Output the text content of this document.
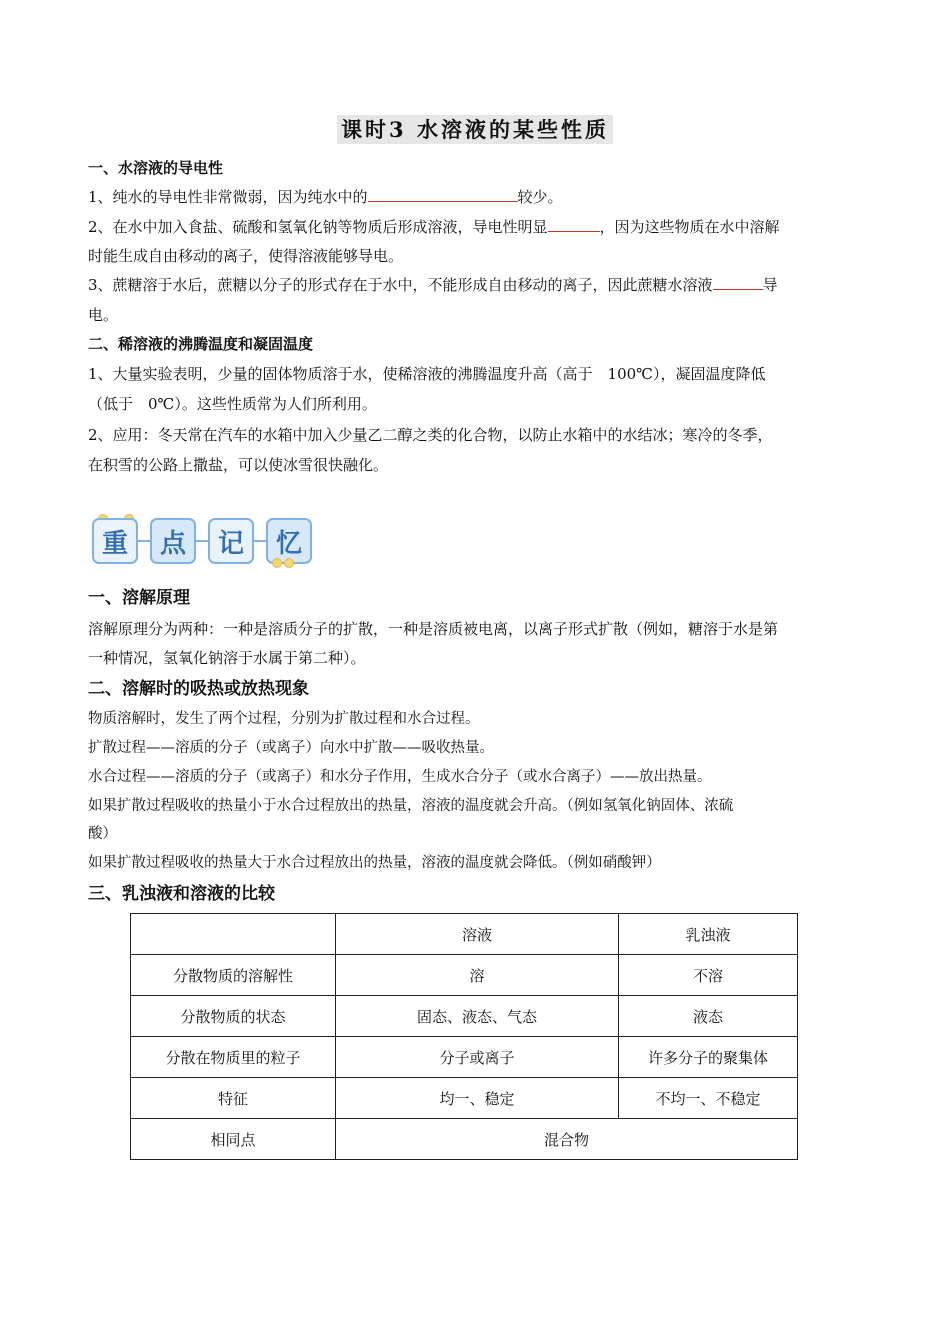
课时3 水溶液的某些性质
一、水溶液的导电性
1、纯水的导电性非常微弱，因为纯水中的	较少。
2、在水中加入食盐、硫酸和氢氧化钠等物质后形成溶液，导电性明显	，因为这些物质在水中溶解
时能生成自由移动的离子，使得溶液能够导电。
3、蔗糖溶于水后，蔗糖以分子的形式存在于水中，不能形成自由移动的离子，因此蔗糖水溶液	导
电。
二、稀溶液的沸腾温度和凝固温度
1、大量实验表明，少量的固体物质溶于水，使稀溶液的沸腾温度升高（高于　100℃），凝固温度降低
（低于　0℃）。这些性质常为人们所利用。
2、应用：冬天常在汽车的水箱中加入少量乙二醇之类的化合物，以防止水箱中的水结冰；寒冷的冬季，
在积雪的公路上撒盐，可以使冰雪很快融化。
重	点	记	忆
一、溶解原理
溶解原理分为两种：一种是溶质分子的扩散，一种是溶质被电离，以离子形式扩散（例如，糖溶于水是第
一种情况，氢氧化钠溶于水属于第二种）。
二、溶解时的吸热或放热现象
物质溶解时，发生了两个过程，分别为扩散过程和水合过程。
扩散过程——溶质的分子（或离子）向水中扩散——吸收热量。
水合过程——溶质的分子（或离子）和水分子作用，生成水合分子（或水合离子）——放出热量。
如果扩散过程吸收的热量小于水合过程放出的热量，溶液的温度就会升高。（例如氢氧化钠固体、浓硫
酸）
如果扩散过程吸收的热量大于水合过程放出的热量，溶液的温度就会降低。（例如硝酸钾）
三、乳浊液和溶液的比较
	溶液	乳浊液
分散物质的溶解性	溶	不溶
分散物质的状态	固态、液态、气态	液态
分散在物质里的粒子	分子或离子	许多分子的聚集体
特征	均一、稳定	不均一、不稳定
相同点	混合物	
